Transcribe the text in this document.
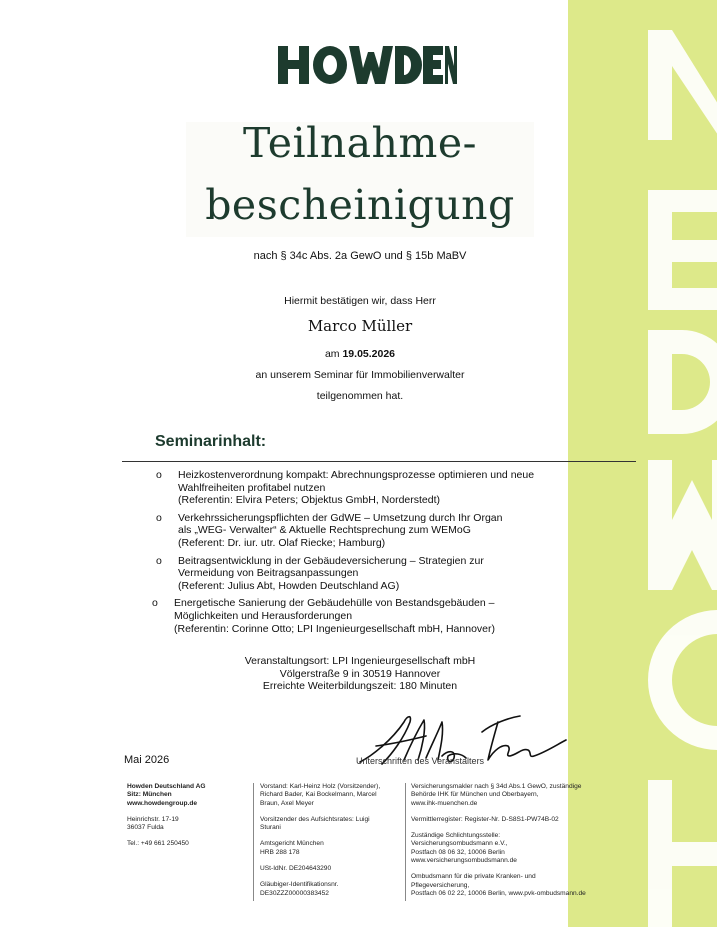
HOWDEN
Teilnahme-
bescheinigung
nach § 34c Abs. 2a GewO und § 15b MaBV
Hiermit bestätigen wir, dass Herr
Marco Müller
am 19.05.2026
an unserem Seminar für Immobilienverwalter
teilgenommen hat.
Seminarinhalt:
o Heizkostenverordnung kompakt: Abrechnungsprozesse optimieren und neue
Wahlfreiheiten profitabel nutzen
(Referentin: Elvira Peters; Objektus GmbH, Norderstedt)
o Verkehrssicherungspflichten der GdWE – Umsetzung durch Ihr Organ
als „WEG- Verwalter“ & Aktuelle Rechtsprechung zum WEMoG
(Referent: Dr. iur. utr. Olaf Riecke; Hamburg)
o Beitragsentwicklung in der Gebäudeversicherung – Strategien zur
Vermeidung von Beitragsanpassungen
(Referent: Julius Abt, Howden Deutschland AG)
o Energetische Sanierung der Gebäudehülle von Bestandsgebäuden –
Möglichkeiten und Herausforderungen
(Referentin: Corinne Otto; LPI Ingenieurgesellschaft mbH, Hannover)
Veranstaltungsort: LPI Ingenieurgesellschaft mbH
Völgerstraße 9 in 30519 Hannover
Erreichte Weiterbildungszeit: 180 Minuten
Mai 2026	Unterschriften des Veranstalters

Howden Deutschland AG
Sitz: München
www.howdengroup.de

Heinrichstr. 17-19
36037 Fulda

Tel.: +49 661 250450

Vorstand: Karl-Heinz Holz (Vorsitzender),
Richard Bader, Kai Bockelmann, Marcel
Braun, Axel Meyer

Vorsitzender des Aufsichtsrates: Luigi
Sturani

Amtsgericht München
HRB 288 178

USt-IdNr. DE204643290

Gläubiger-Identifikationsnr.
DE30ZZZ00000383452

Versicherungsmakler nach § 34d Abs.1 GewO, zuständige
Behörde IHK für München und Oberbayern,
www.ihk-muenchen.de

Vermittlerregister: Register-Nr. D-S8S1-PW74B-02

Zuständige Schlichtungsstelle:
Versicherungsombudsmann e.V.,
Postfach 08 06 32, 10006 Berlin
www.versicherungsombudsmann.de

Ombudsmann für die private Kranken- und
Pflegeversicherung,
Postfach 06 02 22, 10006 Berlin, www.pvk-ombudsmann.de
